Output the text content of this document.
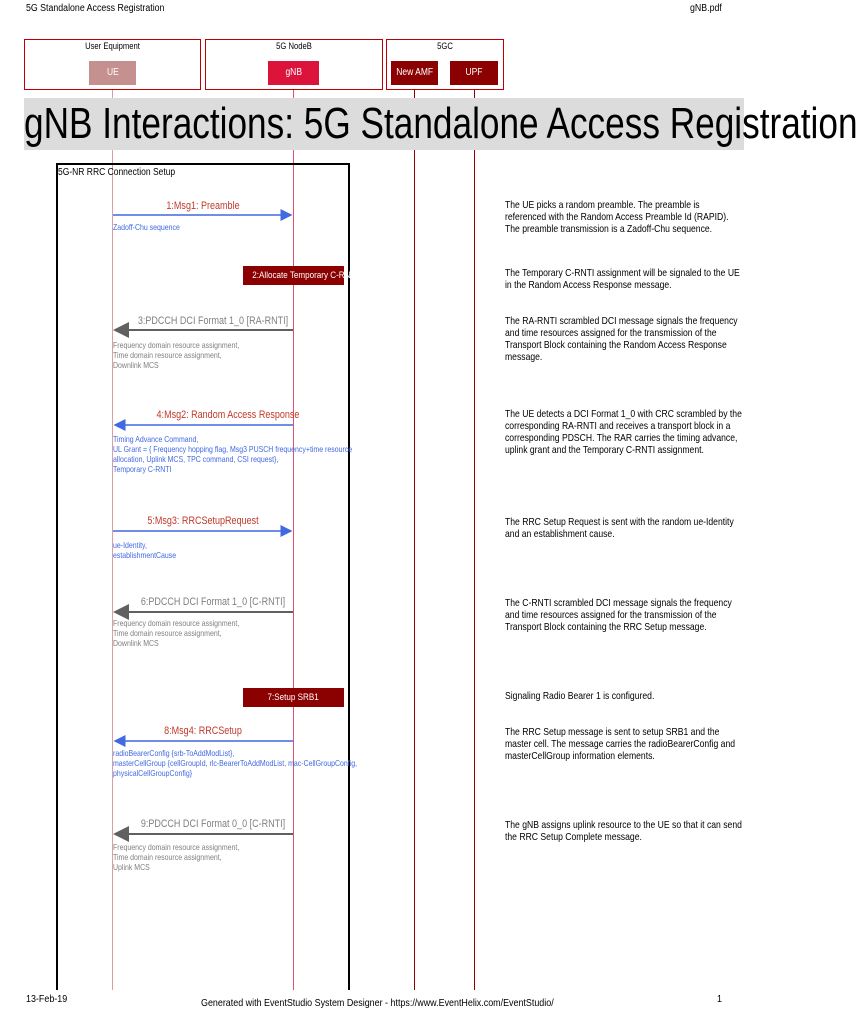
5G Standalone Access Registration	gNB.pdf
User Equipment	5G NodeB	5GC
UE	gNB	New AMF	UPF
gNB Interactions: 5G Standalone Access Registration
5G-NR RRC Connection Setup
1:Msg1: Preamble
Zadoff-Chu sequence
2:Allocate Temporary C-RNTI
3:PDCCH DCI Format 1_0 [RA-RNTI]
Frequency domain resource assignment,
Time domain resource assignment,
Downlink MCS
4:Msg2: Random Access Response
Timing Advance Command,
UL Grant = { Frequency hopping flag, Msg3 PUSCH frequency+time resource
allocation, Uplink MCS, TPC command, CSI request},
Temporary C-RNTI
5:Msg3: RRCSetupRequest
ue-Identity,
establishmentCause
6:PDCCH DCI Format 1_0 [C-RNTI]
Frequency domain resource assignment,
Time domain resource assignment,
Downlink MCS
7:Setup SRB1
8:Msg4: RRCSetup
radioBearerConfig {srb-ToAddModList},
masterCellGroup {cellGroupId, rlc-BearerToAddModList, mac-CellGroupConfig,
physicalCellGroupConfig}
9:PDCCH DCI Format 0_0 [C-RNTI]
Frequency domain resource assignment,
Time domain resource assignment,
Uplink MCS
The UE picks a random preamble. The preamble is referenced with the Random Access Preamble Id (RAPID). The preamble transmission is a Zadoff-Chu sequence.
The Temporary C-RNTI assignment will be signaled to the UE in the Random Access Response message.
The RA-RNTI scrambled DCI message signals the frequency and time resources assigned for the transmission of the Transport Block containing the Random Access Response message.
The UE detects a DCI Format 1_0 with CRC scrambled by the corresponding RA-RNTI and receives a transport block in a corresponding PDSCH. The RAR carries the timing advance, uplink grant and the Temporary C-RNTI assignment.
The RRC Setup Request is sent with the random ue-Identity and an establishment cause.
The C-RNTI scrambled DCI message signals the frequency and time resources assigned for the transmission of the Transport Block containing the RRC Setup message.
Signaling Radio Bearer 1 is configured.
The RRC Setup message is sent to setup SRB1 and the master cell. The message carries the radioBearerConfig and masterCellGroup information elements.
The gNB assigns uplink resource to the UE so that it can send the RRC Setup Complete message.
13-Feb-19	Generated with EventStudio System Designer - https://www.EventHelix.com/EventStudio/	1
